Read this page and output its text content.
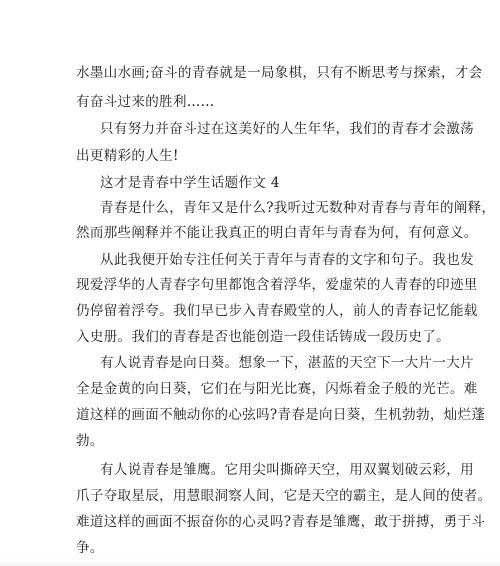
水墨山水画;奋斗的青春就是一局象棋，只有不断思考与探索，才会
有奋斗过来的胜利……
只有努力并奋斗过在这美好的人生年华，我们的青春才会激荡
出更精彩的人生!
这才是青春中学生话题作文 4
青春是什么，青年又是什么?我听过无数种对青春与青年的阐释，
然而那些阐释并不能让我真正的明白青年与青春为何，有何意义。
从此我便开始专注任何关于青年与青春的文字和句子。我也发
现爱浮华的人青春字句里都饱含着浮华，爱虚荣的人青春的印迹里
仍停留着浮夸。我们早已步入青春殿堂的人，前人的青春记忆能载
入史册。我们的青春是否也能创造一段佳话铸成一段历史了。
有人说青春是向日葵。想象一下，湛蓝的天空下一大片一大片
全是金黄的向日葵，它们在与阳光比赛，闪烁着金子般的光芒。难
道这样的画面不触动你的心弦吗?青春是向日葵，生机勃勃，灿烂蓬
勃。
有人说青春是雏鹰。它用尖叫撕碎天空，用双翼划破云彩，用
爪子夺取星辰，用慧眼洞察人间，它是天空的霸主，是人间的使者。
难道这样的画面不振奋你的心灵吗?青春是雏鹰，敢于拼搏，勇于斗
争。
